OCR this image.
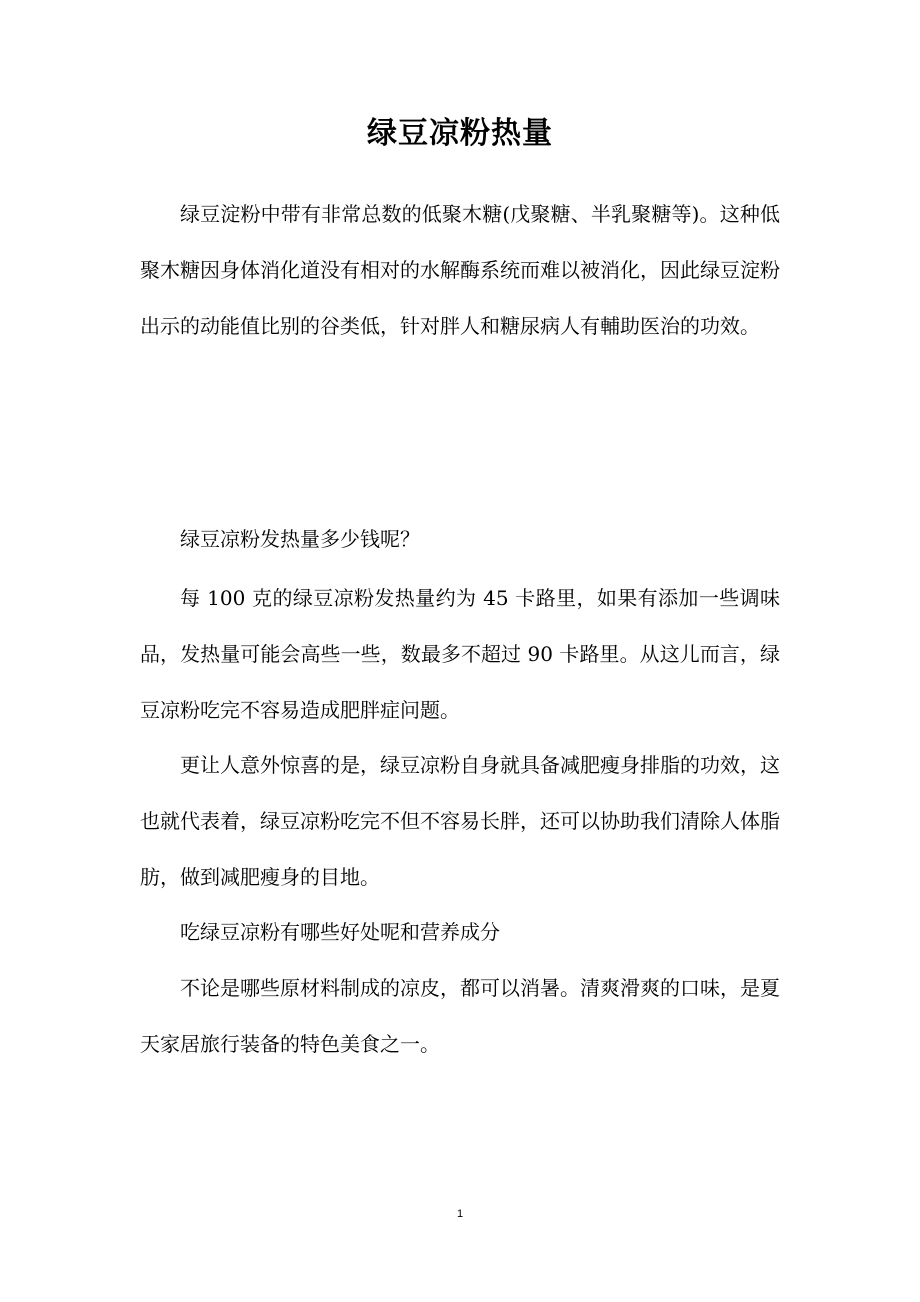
绿豆凉粉热量

绿豆淀粉中带有非常总数的低聚木糖(戊聚糖、半乳聚糖等)。这种低聚木糖因身体消化道没有相对的水解酶系统而难以被消化，因此绿豆淀粉出示的动能值比别的谷类低，针对胖人和糖尿病人有輔助医治的功效。

绿豆凉粉发热量多少钱呢？

每 100 克的绿豆凉粉发热量约为 45 卡路里，如果有添加一些调味品，发热量可能会高些一些，数最多不超过 90 卡路里。从这儿而言，绿豆凉粉吃完不容易造成肥胖症问题。

更让人意外惊喜的是，绿豆凉粉自身就具备减肥瘦身排脂的功效，这也就代表着，绿豆凉粉吃完不但不容易长胖，还可以协助我们清除人体脂肪，做到减肥瘦身的目地。

吃绿豆凉粉有哪些好处呢和营养成分

不论是哪些原材料制成的凉皮，都可以消暑。清爽滑爽的口味，是夏天家居旅行装备的特色美食之一。

1
